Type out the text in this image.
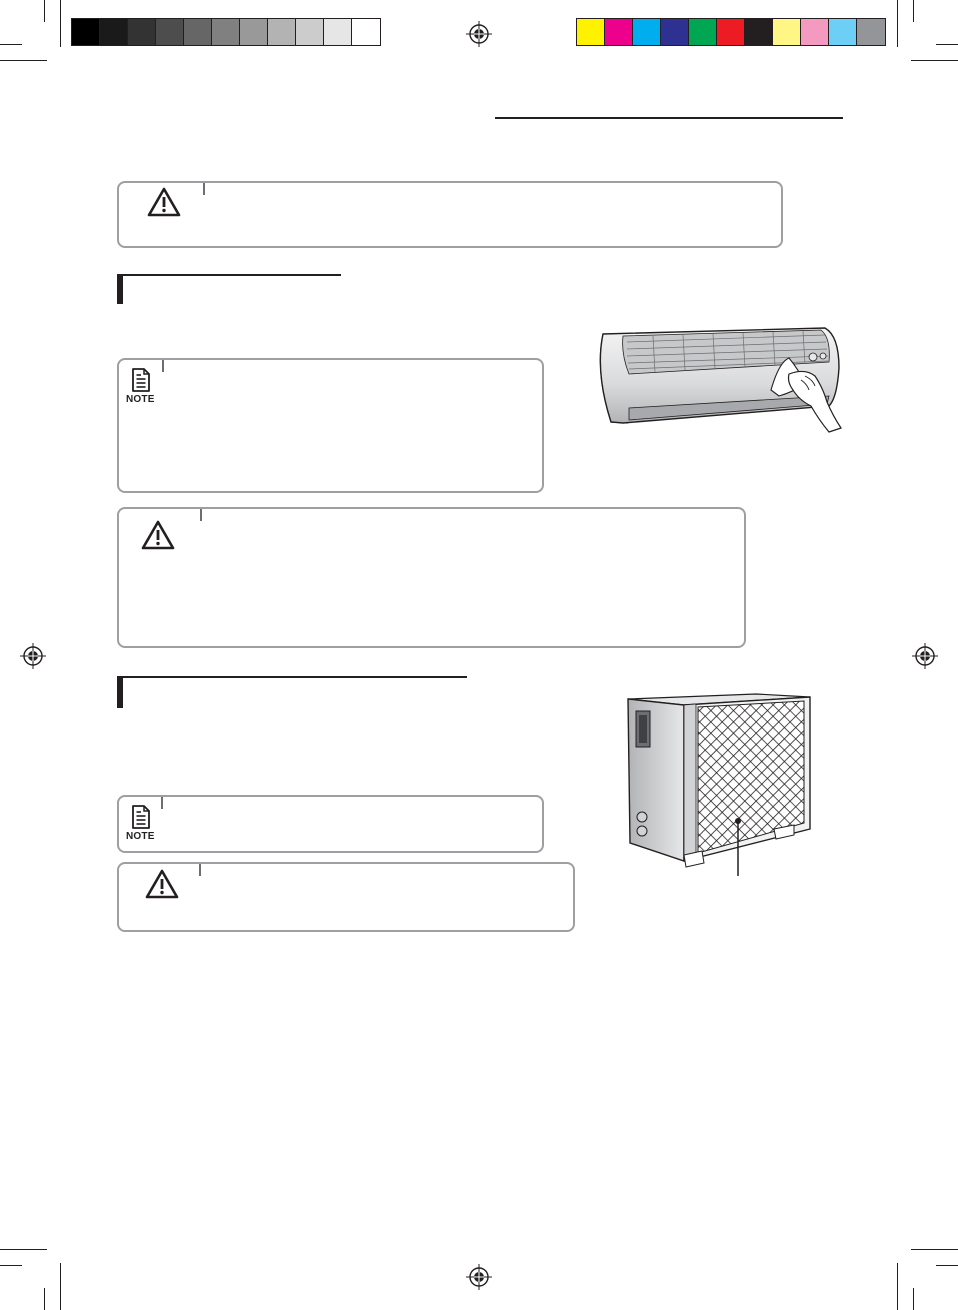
NOTE
NOTE
